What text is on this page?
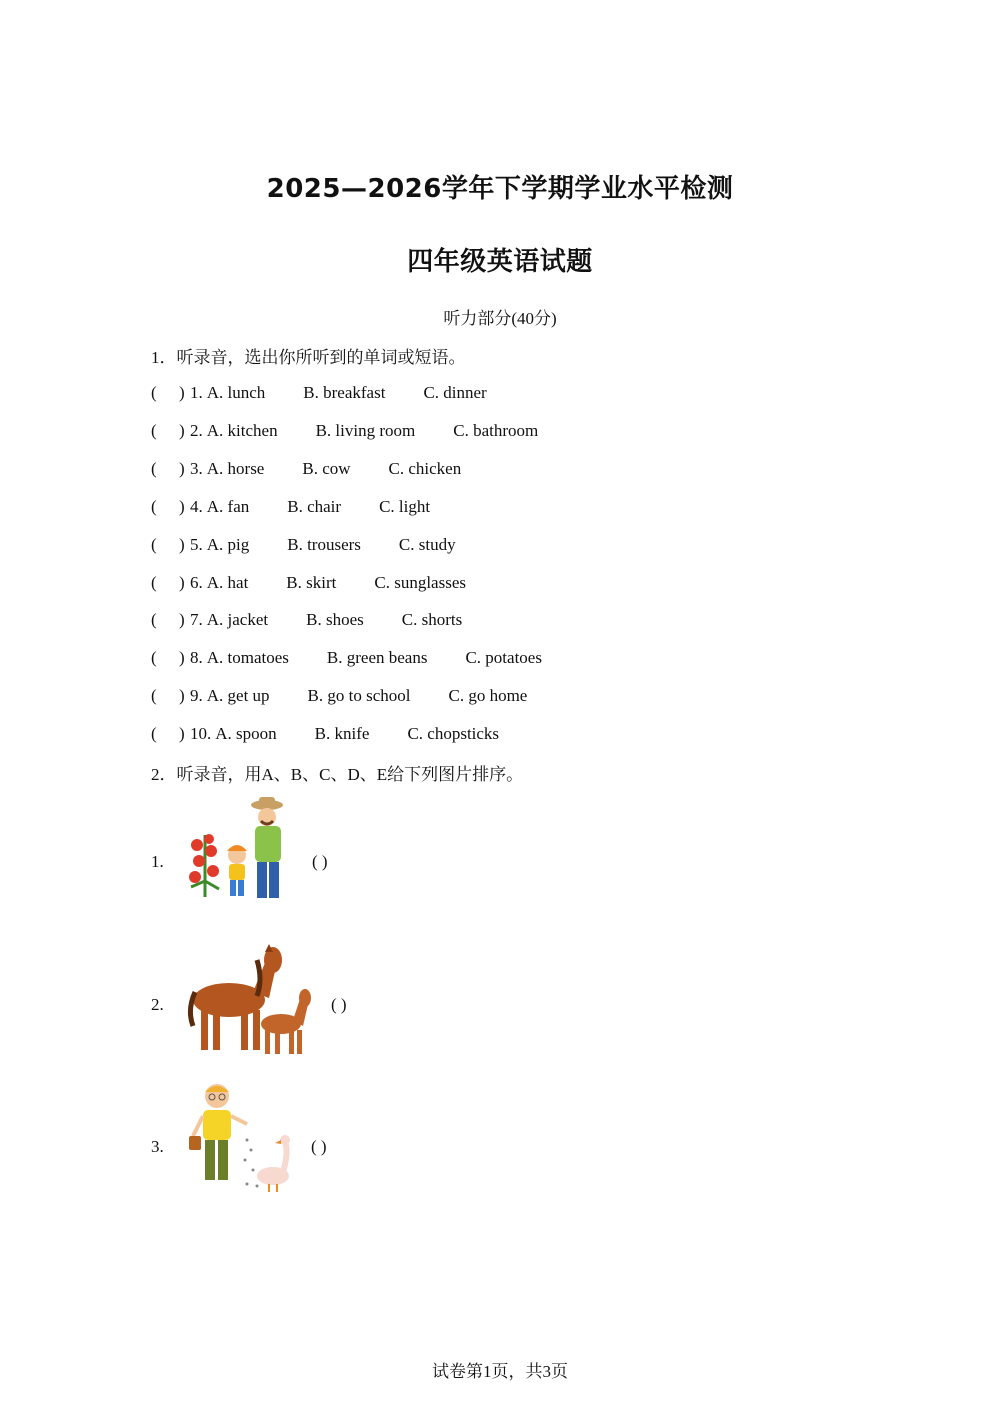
2025—2026学年下学期学业水平检测
四年级英语试题
听力部分(40分)
1．听录音，选出你所听到的单词或短语。
( ) 1. A. lunch B. breakfast C. dinner
( ) 2. A. kitchen B. living room C. bathroom
( ) 3. A. horse B. cow C. chicken
( ) 4. A. fan B. chair C. light
( ) 5. A. pig B. trousers C. study
( ) 6. A. hat B. skirt C. sunglasses
( ) 7. A. jacket B. shoes C. shorts
( ) 8. A. tomatoes B. green beans C. potatoes
( ) 9. A. get up B. go to school C. go home
( ) 10. A. spoon B. knife C. chopsticks
2．听录音，用A、B、C、D、E给下列图片排序。
1.	( )
2.	( )
3.	( )
试卷第1页，共3页
